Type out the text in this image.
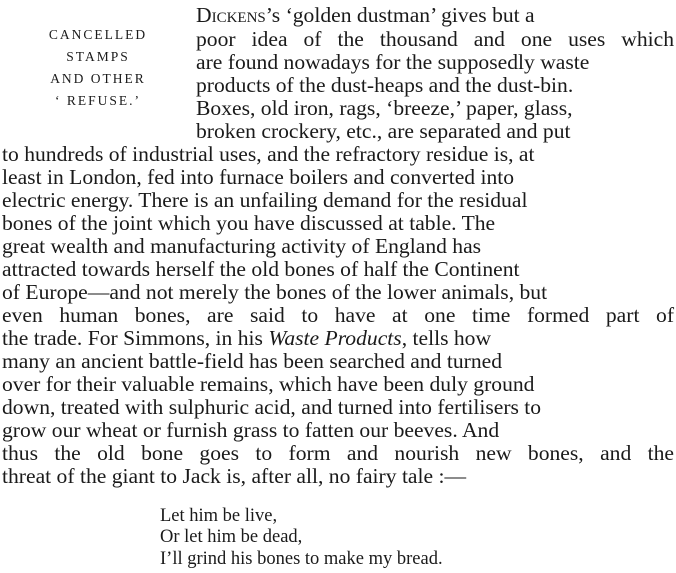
CANCELLED
STAMPS
AND OTHER
‘ REFUSE.’
Dickens’s ‘golden dustman’ gives but a
poor idea of the thousand and one uses which
are found nowadays for the supposedly waste
products of the dust-heaps and the dust-bin.
Boxes, old iron, rags, ‘breeze,’ paper, glass,
broken crockery, etc., are separated and put
to hundreds of industrial uses, and the refractory residue is, at
least in London, fed into furnace boilers and converted into
electric energy. There is an unfailing demand for the residual
bones of the joint which you have discussed at table. The
great wealth and manufacturing activity of England has
attracted towards herself the old bones of half the Continent
of Europe—and not merely the bones of the lower animals, but
even human bones, are said to have at one time formed part of
the trade. For Simmons, in his Waste Products, tells how
many an ancient battle-field has been searched and turned
over for their valuable remains, which have been duly ground
down, treated with sulphuric acid, and turned into fertilisers to
grow our wheat or furnish grass to fatten our beeves. And
thus the old bone goes to form and nourish new bones, and the
threat of the giant to Jack is, after all, no fairy tale :—
Let him be live,
Or let him be dead,
I’ll grind his bones to make my bread.
